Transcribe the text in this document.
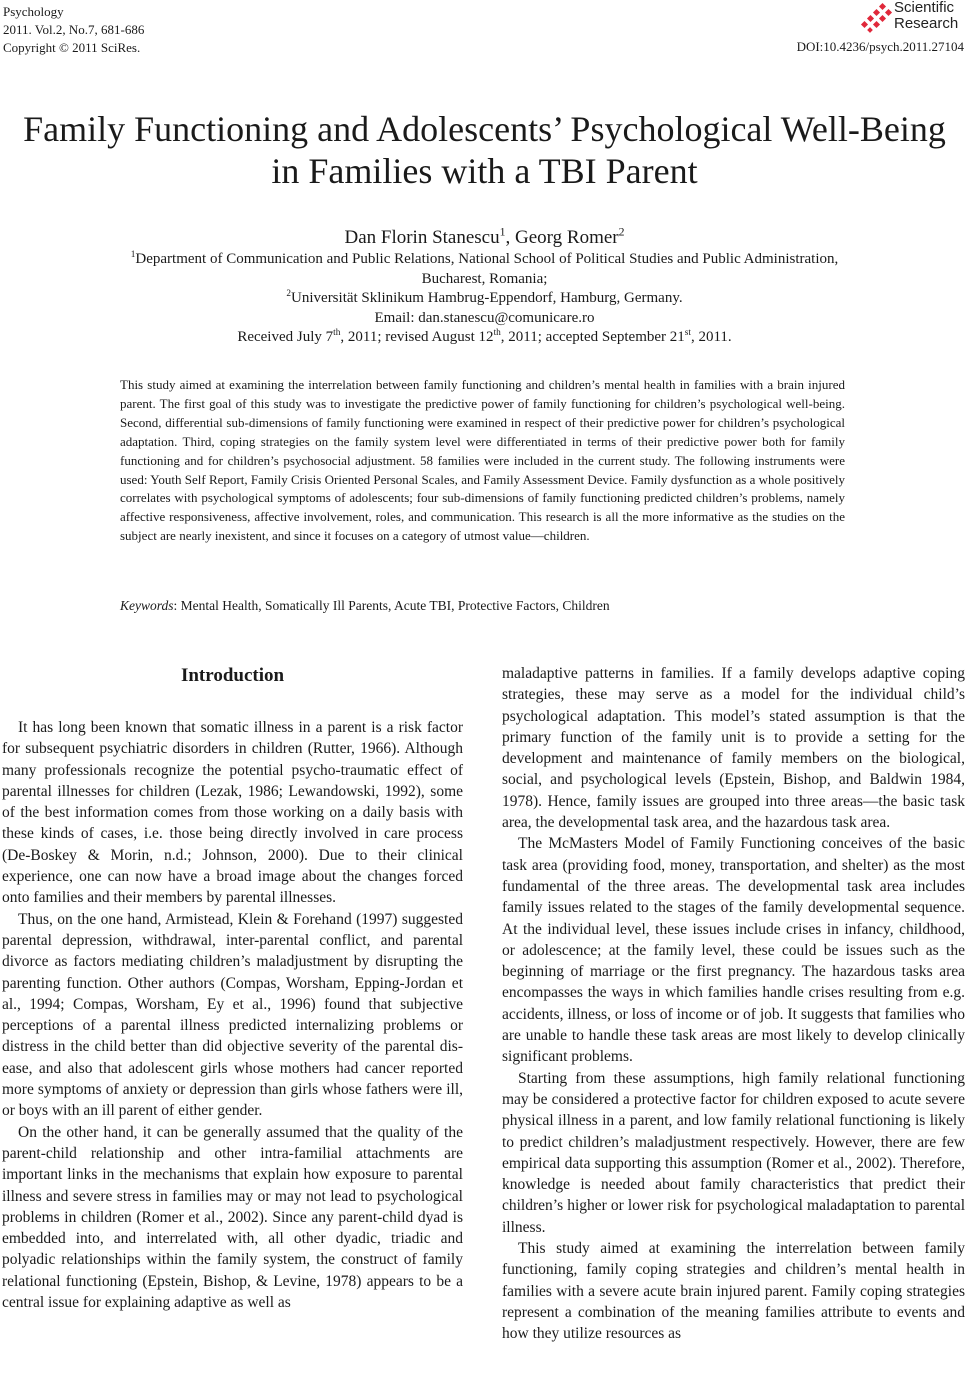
Psychology
2011. Vol.2, No.7, 681-686
Copyright © 2011 SciRes.
Scientific
Research
DOI:10.4236/psych.2011.27104
Family Functioning and Adolescents’ Psychological Well-Being
in Families with a TBI Parent
Dan Florin Stanescu$^1$, Georg Romer$^2$
$^1$Department of Communication and Public Relations, National School of Political Studies and Public Administration, Bucharest, Romania;
$^2$Universität Sklinikum Hambrug-Eppendorf, Hamburg, Germany.
Email: dan.stanescu@comunicare.ro
Received July 7th, 2011; revised August 12th, 2011; accepted September 21st, 2011.
This study aimed at examining the interrelation between family functioning and children’s mental health in families with a brain injured parent. The first goal of this study was to investigate the predictive power of family functioning for children’s psychological well-being. Second, differential sub-dimensions of family functioning were examined in respect of their predictive power for children’s psychological adaptation. Third, coping strategies on the family system level were differentiated in terms of their predictive power both for family functioning and for children’s psychosocial adjustment. 58 families were included in the current study. The following instruments were used: Youth Self Report, Family Crisis Oriented Personal Scales, and Family Assessment Device. Family dysfunction as a whole positively correlates with psychological symptoms of adolescents; four sub-dimensions of family functioning predicted children’s problems, namely affective responsiveness, affective involvement, roles, and communication. This research is all the more informative as the studies on the subject are nearly inexistent, and since it focuses on a category of utmost value—children.
Keywords: Mental Health, Somatically Ill Parents, Acute TBI, Protective Factors, Children
Introduction

It has long been known that somatic illness in a parent is a risk factor for subsequent psychiatric disorders in children (Rutter, 1966). Although many professionals recognize the potential psycho-traumatic effect of parental illnesses for children (Lezak, 1986; Lewandowski, 1992), some of the best information comes from those working on a daily basis with these kinds of cases, i.e. those being directly involved in care process (De-Boskey & Morin, n.d.; Johnson, 2000). Due to their clinical experience, one can now have a broad image about the changes forced onto families and their members by parental illnesses.

Thus, on the one hand, Armistead, Klein & Forehand (1997) suggested parental depression, withdrawal, inter-parental conflict, and parental divorce as factors mediating children’s maladjustment by disrupting the parenting function. Other authors (Compas, Worsham, Epping-Jordan et al., 1994; Compas, Worsham, Ey et al., 1996) found that subjective perceptions of a parental illness predicted internalizing problems or distress in the child better than did objective severity of the parental disease, and also that adolescent girls whose mothers had cancer reported more symptoms of anxiety or depression than girls whose fathers were ill, or boys with an ill parent of either gender.

On the other hand, it can be generally assumed that the quality of the parent-child relationship and other intra-familial attachments are important links in the mechanisms that explain how exposure to parental illness and severe stress in families may or may not lead to psychological problems in children (Romer et al., 2002). Since any parent-child dyad is embedded into, and interrelated with, all other dyadic, triadic and polyadic relationships within the family system, the construct of family relational functioning (Epstein, Bishop, & Levine, 1978) appears to be a central issue for explaining adaptive as well as

maladaptive patterns in families. If a family develops adaptive coping strategies, these may serve as a model for the individual child’s psychological adaptation. This model’s stated assumption is that the primary function of the family unit is to provide a setting for the development and maintenance of family members on the biological, social, and psychological levels (Epstein, Bishop, and Baldwin 1984, 1978). Hence, family issues are grouped into three areas—the basic task area, the developmental task area, and the hazardous task area.

The McMasters Model of Family Functioning conceives of the basic task area (providing food, money, transportation, and shelter) as the most fundamental of the three areas. The developmental task area includes family issues related to the stages of the family developmental sequence. At the individual level, these issues include crises in infancy, childhood, or adolescence; at the family level, these could be issues such as the beginning of marriage or the first pregnancy. The hazardous tasks area encompasses the ways in which families handle crises resulting from e.g. accidents, illness, or loss of income or of job. It suggests that families who are unable to handle these task areas are most likely to develop clinically significant problems.

Starting from these assumptions, high family relational functioning may be considered a protective factor for children exposed to acute severe physical illness in a parent, and low family relational functioning is likely to predict children’s maladjustment respectively. However, there are few empirical data supporting this assumption (Romer et al., 2002). Therefore, knowledge is needed about family characteristics that predict their children’s higher or lower risk for psychological maladaptation to parental illness.

This study aimed at examining the interrelation between family functioning, family coping strategies and children’s mental health in families with a severe acute brain injured parent. Family coping strategies represent a combination of the meaning families attribute to events and how they utilize resources as
